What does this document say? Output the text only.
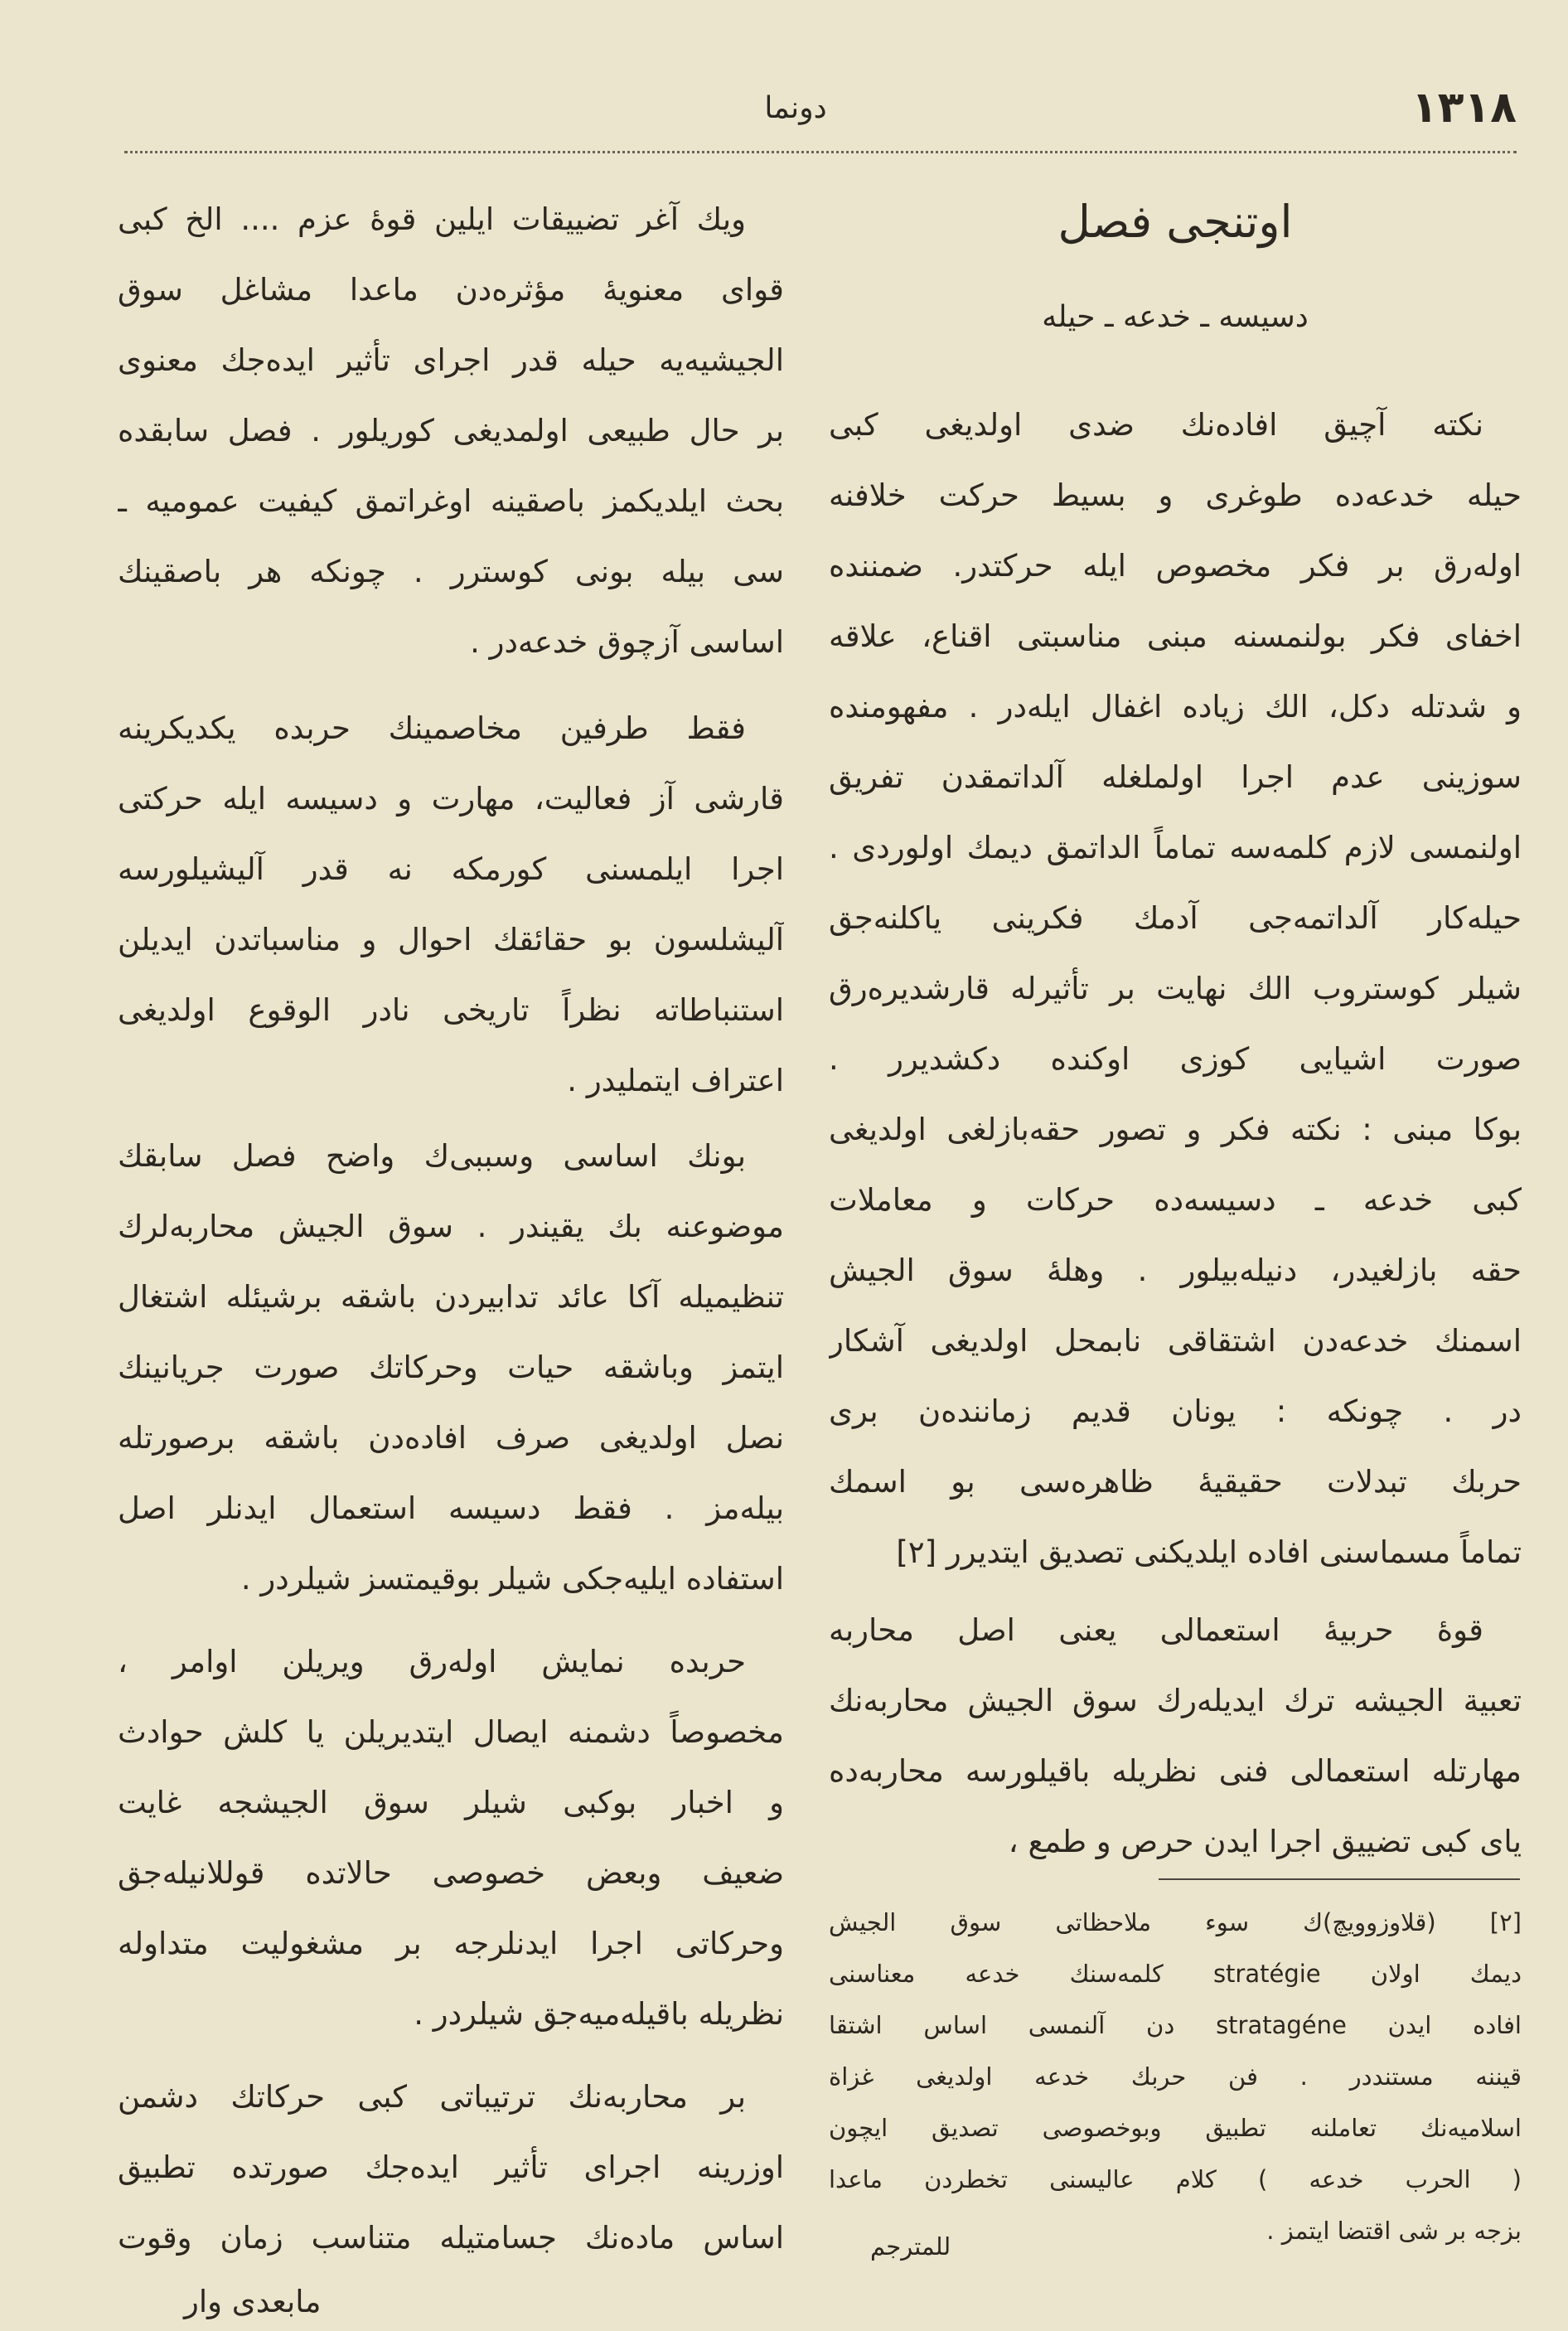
١٣١٨
دونما
اوتنجی فصل
دسيسه ـ خدعه ـ حيله
نكته آچيق افاده‌نك ضدی اولديغی كبی
حيله خدعه‌ده طوغری و بسيط حركت خلافنه
اوله‌رق بر فكر مخصوص ايله حركتدر. ضمننده
اخفای فكر بولنمسنه مبنی مناسبتی اقناع، علاقه
و شدتله دكل، الك زياده اغفال ايله‌در . مفهومنده
سوزينی عدم اجرا اولملغله آلداتمقدن تفريق
اولنمسی لازم كلمه‌سه تماماً الداتمق ديمك اولوردی .
حيله‌كار آلداتمه‌جی آدمك فكرينی ياكلنه‌جق
شيلر كوستروب الك نهايت بر تأثيرله قارشديره‌رق
صورت اشيايی كوزی اوكنده دكشديرر .
بوكا مبنی : نكته فكر و تصور حقه‌بازلغی اولديغی
كبی خدعه ـ دسيسه‌ده حركات و معاملات
حقه بازلغيدر، دنيله‌بيلور . وهلهٔ سوق الجيش
اسمنك خدعه‌دن اشتقاقی نابمحل اولديغی آشكار
در . چونكه : يونان قديم زماننده‌ن بری
حربك تبدلات حقيقيهٔ ظاهره‌سی بو اسمك
تماماً مسماسنی افاده ايلديكنی تصديق ايتديرر [٢]
قوهٔ حربيهٔ استعمالی يعنی اصل محاربه
تعبية الجيشه ترك ايديله‌رك سوق الجيش محاربه‌نك
مهارتله استعمالی فنی نظريله باقيلورسه محاربه‌ده
ياى كبی تضييق اجرا ايدن حرص و طمع ،
[٢] (قلاوزوويچ)ك سوء ملاحظاتی سوق الجيش
ديمك اولان stratégie كلمه‌سنك خدعه معناسنی
افاده ايدن stratagéne دن آلنمسی اساس اشتقا
قيننه مستنددر . فن حربك خدعه اولديغی غزاة
اسلاميه‌نك تعاملنه تطبيق وبوخصوصی تصديق ايچون
( الحرب خدعه ) كلام عاليسنی تخطردن ماعدا
بزجه بر شی اقتضا ايتمز .
ويك آغر تضييقات ايلين قوهٔ عزم .... الخ كبی
قوای معنويهٔ مؤثره‌دن ماعدا مشاغل سوق
الجيشيه‌يه حيله قدر اجرای تأثير ايده‌جك معنوی
بر حال طبيعی اولمديغی كوريلور . فصل سابقده
بحث ايلديكمز باصقينه اوغراتمق كيفيت عموميه ـ
سی بيله بونی كوسترر . چونكه هر باصقينك
اساسی آزچوق خدعه‌در .
فقط طرفين مخاصمينك حربده يكديكرينه
قارشی آز فعاليت، مهارت و دسيسه ايله حركتی
اجرا ايلمسنی كورمكه نه قدر آليشيلورسه
آليشلسون بو حقائقك احوال و مناسباتدن ايديلن
استنباطاته نظراً تاريخی نادر الوقوع اولديغی
اعتراف ايتمليدر .
بونك اساسی وسببی‌ك واضح فصل سابقك
موضوعنه بك يقيندر . سوق الجيش محاربه‌لرك
تنظيميله آكا عائد تدابيردن باشقه برشيئله اشتغال
ايتمز وباشقه حيات وحركاتك صورت جريانينك
نصل اولديغی صرف افاده‌دن باشقه برصورتله
بيله‌مز . فقط دسيسه استعمال ايدنلر اصل
استفاده ايليه‌جكی شيلر بوقيمتسز شيلردر .
حربده نمايش اوله‌رق ويريلن اوامر ،
مخصوصاً دشمنه ايصال ايتديريلن يا كلش حوادث
و اخبار بوكبی شيلر سوق الجيشجه غايت
ضعيف وبعض خصوصی حالاتده قوللانيله‌جق
وحركاتی اجرا ايدنلرجه بر مشغوليت متداوله
نظريله باقيله‌ميه‌جق شيلردر .
بر محاربه‌نك ترتيباتی كبی حركاتك دشمن
اوزرينه اجرای تأثير ايده‌جك صورتده تطبيق
اساس ماده‌نك جسامتيله متناسب زمان وقوت
مابعدی وار
للمترجم
